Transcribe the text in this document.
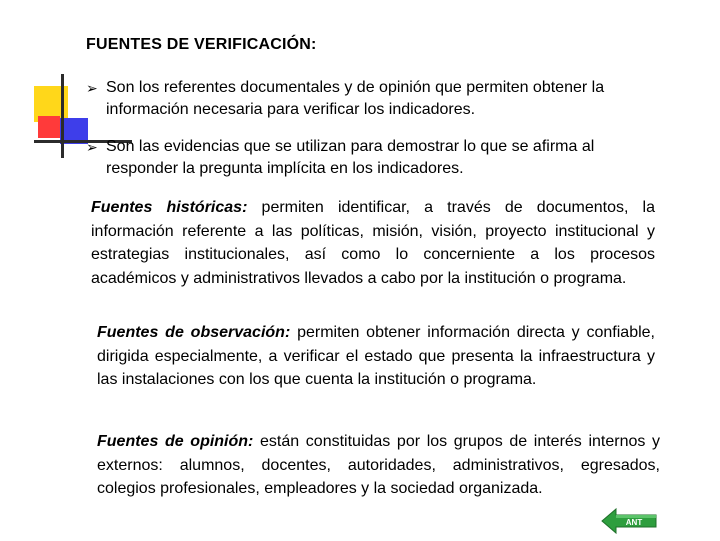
FUENTES DE VERIFICACIÓN:
➢ Son los referentes documentales y de opinión que permiten obtener la información necesaria para verificar los indicadores.
➢ Son las evidencias que se utilizan para demostrar lo que se afirma al responder la pregunta implícita en los indicadores.
Fuentes históricas: permiten identificar, a través de documentos, la información referente a las políticas, misión, visión, proyecto institucional y estrategias institucionales, así como lo concerniente a los procesos académicos y administrativos llevados a cabo por la institución o programa.
Fuentes de observación: permiten obtener información directa y confiable, dirigida especialmente, a verificar el estado que presenta la infraestructura y las instalaciones con los que cuenta la institución o programa.
Fuentes de opinión: están constituidas por los grupos de interés internos y externos: alumnos, docentes, autoridades, administrativos, egresados, colegios profesionales, empleadores y la sociedad organizada.
ANT
